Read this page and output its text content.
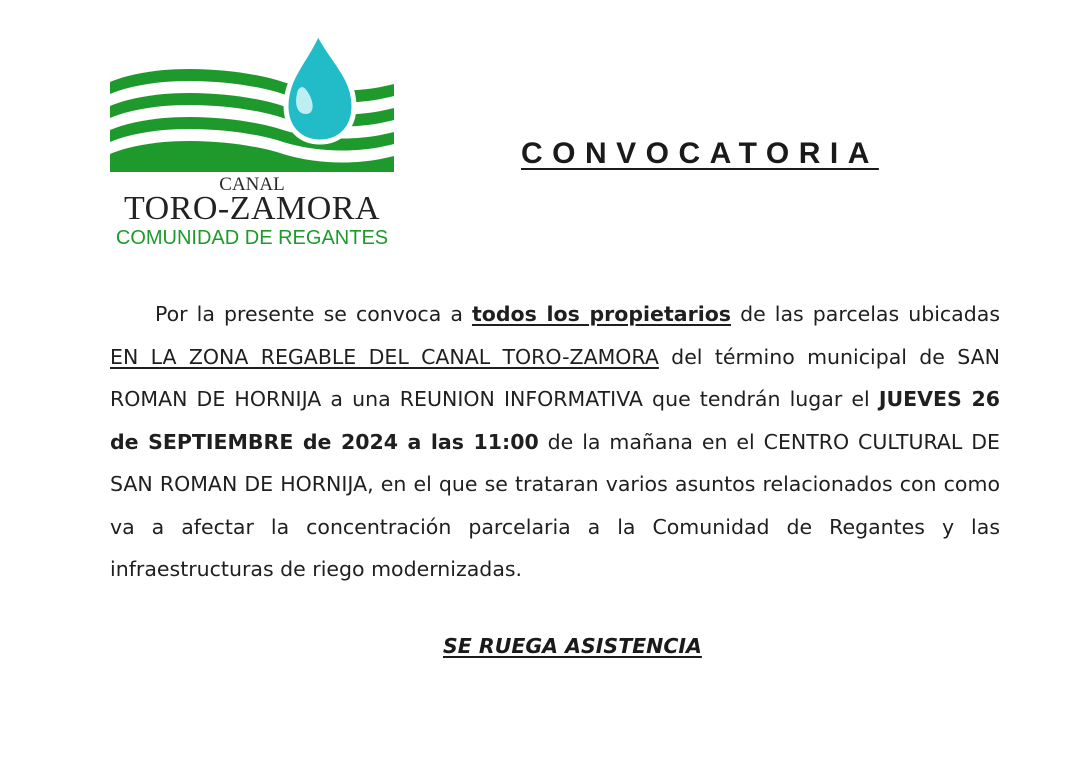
CANAL
TORO-ZAMORA
COMUNIDAD DE REGANTES
CONVOCATORIA

Por la presente se convoca a todos los propietarios de las parcelas ubicadas EN LA ZONA REGABLE DEL CANAL TORO-ZAMORA del término municipal de SAN ROMAN DE HORNIJA a una REUNION INFORMATIVA que tendrán lugar el JUEVES 26 de SEPTIEMBRE de 2024 a las 11:00 de la mañana en el CENTRO CULTURAL DE SAN ROMAN DE HORNIJA, en el que se trataran varios asuntos relacionados con como va a afectar la concentración parcelaria a la Comunidad de Regantes y las infraestructuras de riego modernizadas.

SE RUEGA ASISTENCIA
